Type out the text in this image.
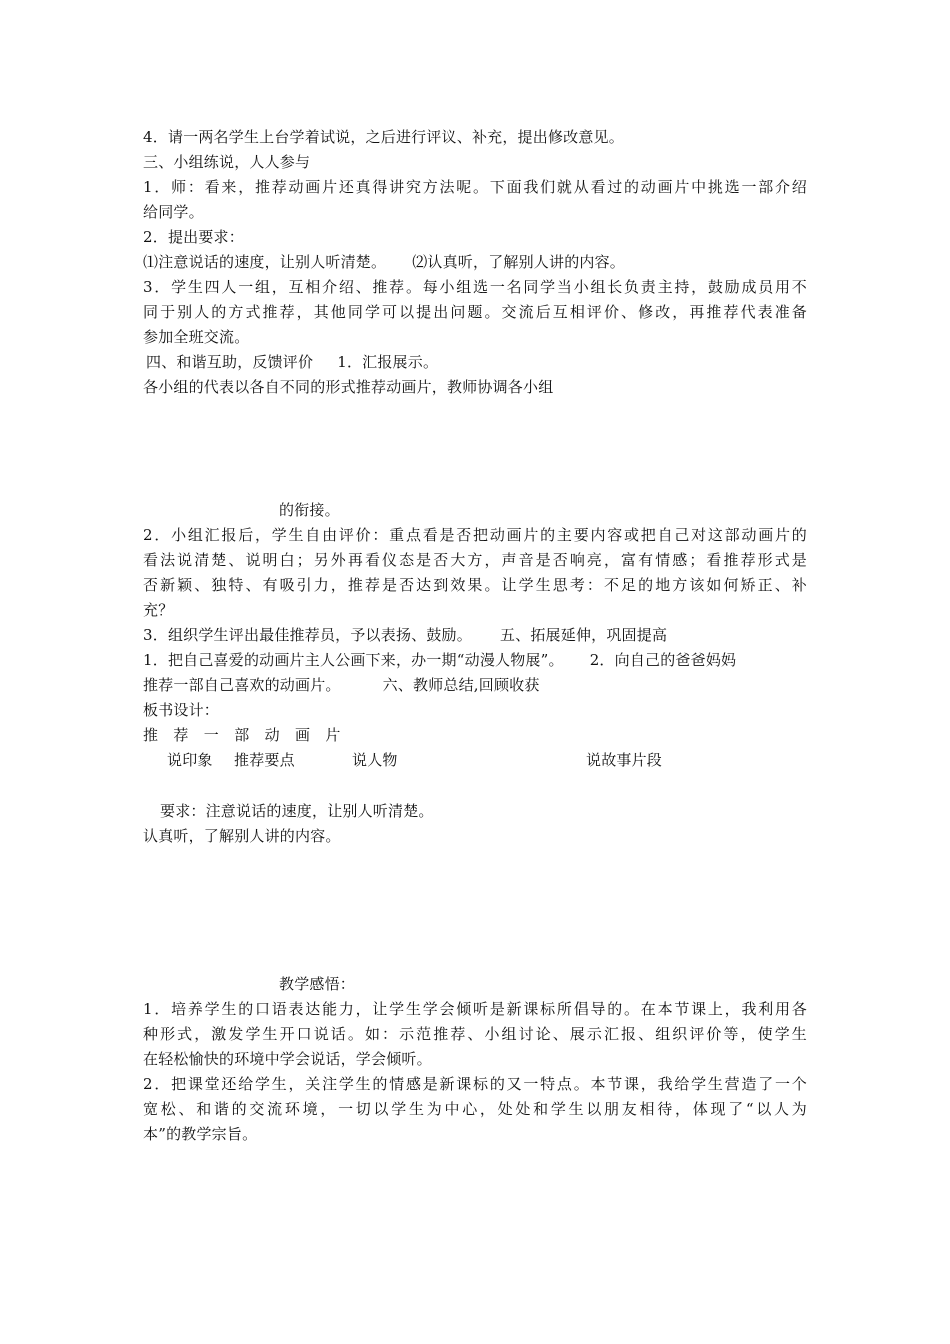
4．请一两名学生上台学着试说，之后进行评议、补充，提出修改意见。
三、小组练说，人人参与
1．师：看来，推荐动画片还真得讲究方法呢。下面我们就从看过的动画片中挑选一部介绍
给同学。
2．提出要求：
⑴注意说话的速度，让别人听清楚。 ⑵认真听，了解别人讲的内容。
3．学生四人一组，互相介绍、推荐。每小组选一名同学当小组长负责主持，鼓励成员用不
同于别人的方式推荐，其他同学可以提出问题。交流后互相评价、修改，再推荐代表准备
参加全班交流。
四、和谐互助，反馈评价 1．汇报展示。
各小组的代表以各自不同的形式推荐动画片，教师协调各小组
的衔接。
2．小组汇报后，学生自由评价：重点看是否把动画片的主要内容或把自己对这部动画片的
看法说清楚、说明白；另外再看仪态是否大方，声音是否响亮，富有情感；看推荐形式是
否新颖、独特、有吸引力，推荐是否达到效果。让学生思考：不足的地方该如何矫正、补
充？
3．组织学生评出最佳推荐员，予以表扬、鼓励。 五、拓展延伸，巩固提高
1．把自己喜爱的动画片主人公画下来，办一期“动漫人物展”。 2．向自己的爸爸妈妈
推荐一部自己喜欢的动画片。	六、教师总结,回顾收获
板书设计：
推　荐　一　部　动　画　片
说印象 推荐要点	说人物	说故事片段
要求：注意说话的速度，让别人听清楚。
认真听，了解别人讲的内容。
教学感悟：
1．培养学生的口语表达能力，让学生学会倾听是新课标所倡导的。在本节课上，我利用各
种形式，激发学生开口说话。如：示范推荐、小组讨论、展示汇报、组织评价等，使学生
在轻松愉快的环境中学会说话，学会倾听。
2．把课堂还给学生，关注学生的情感是新课标的又一特点。本节课，我给学生营造了一个
宽松、和谐的交流环境，一切以学生为中心，处处和学生以朋友相待，体现了“以人为
本”的教学宗旨。
